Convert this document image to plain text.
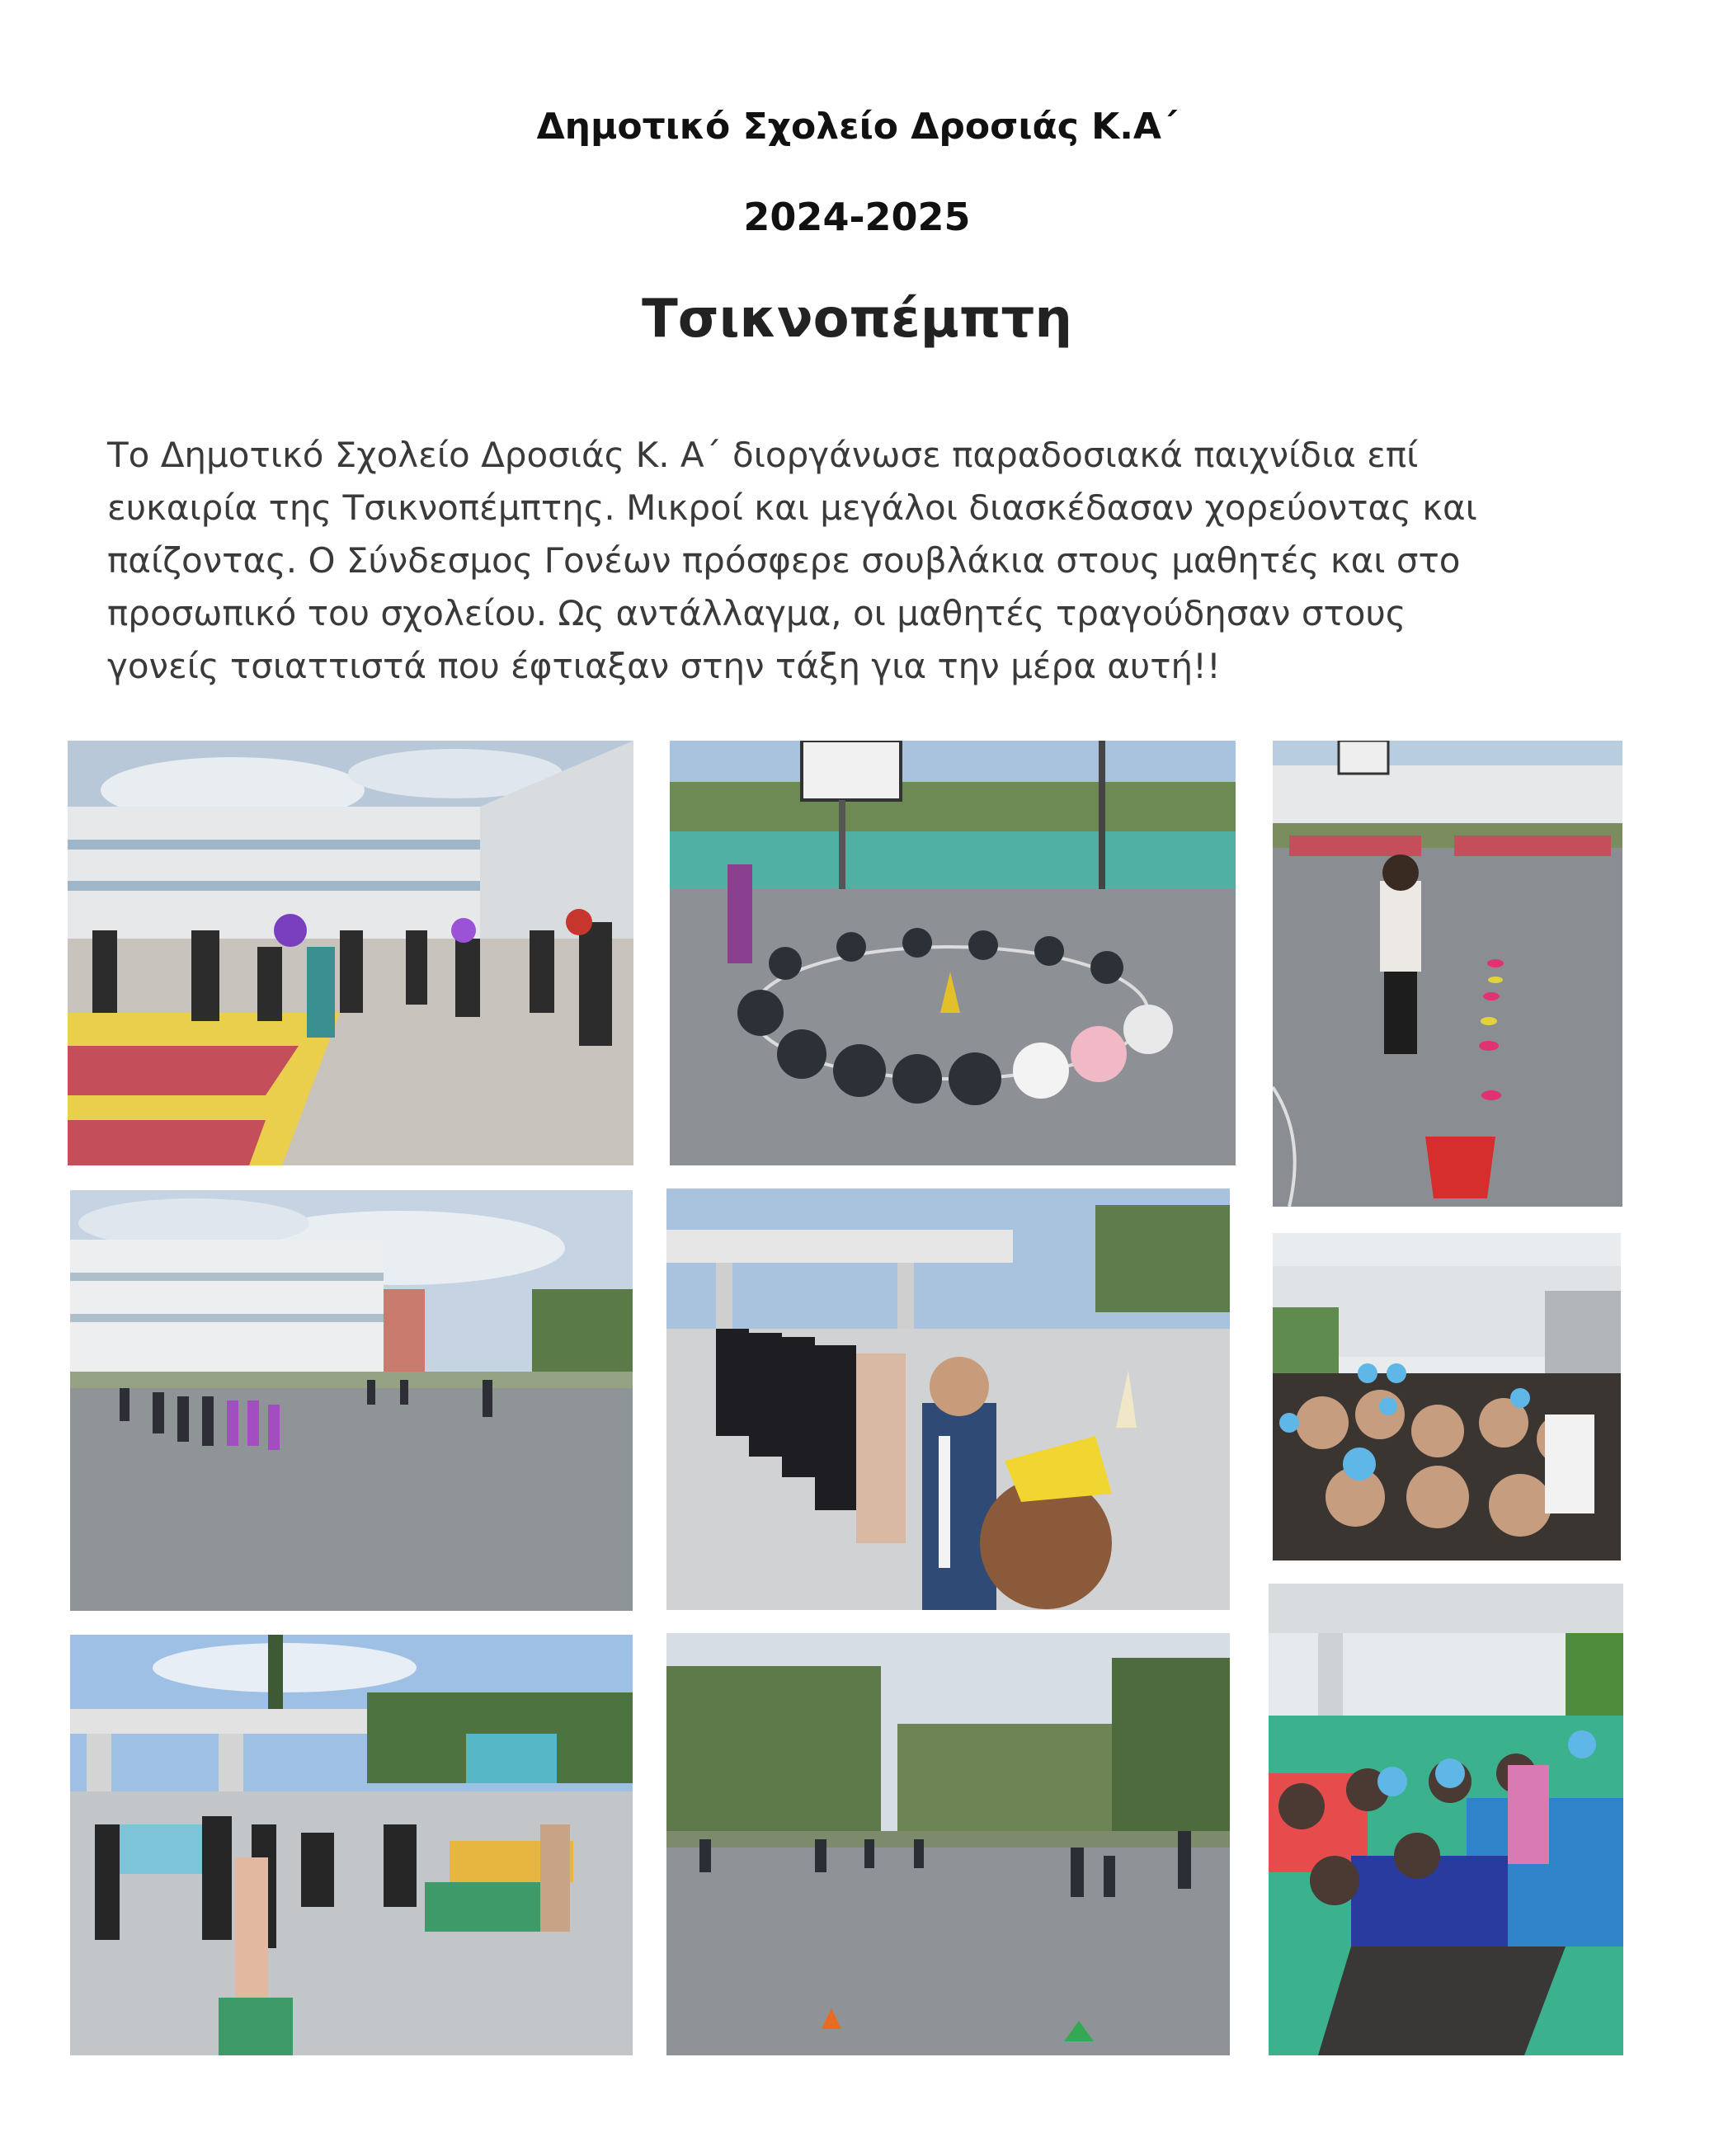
Δημοτικό Σχολείο Δροσιάς Κ.Α΄
2024-2025
Τσικνοπέμπτη
Το Δημοτικό Σχολείο Δροσιάς Κ. Α΄ διοργάνωσε παραδοσιακά παιχνίδια επί
ευκαιρία της Τσικνοπέμπτης. Μικροί και μεγάλοι διασκέδασαν χορεύοντας και
παίζοντας. Ο Σύνδεσμος Γονέων πρόσφερε σουβλάκια στους μαθητές και στο
προσωπικό του σχολείου. Ως αντάλλαγμα, οι μαθητές τραγούδησαν στους
γονείς τσιαττιστά που έφτιαξαν στην τάξη για την μέρα αυτή!!
